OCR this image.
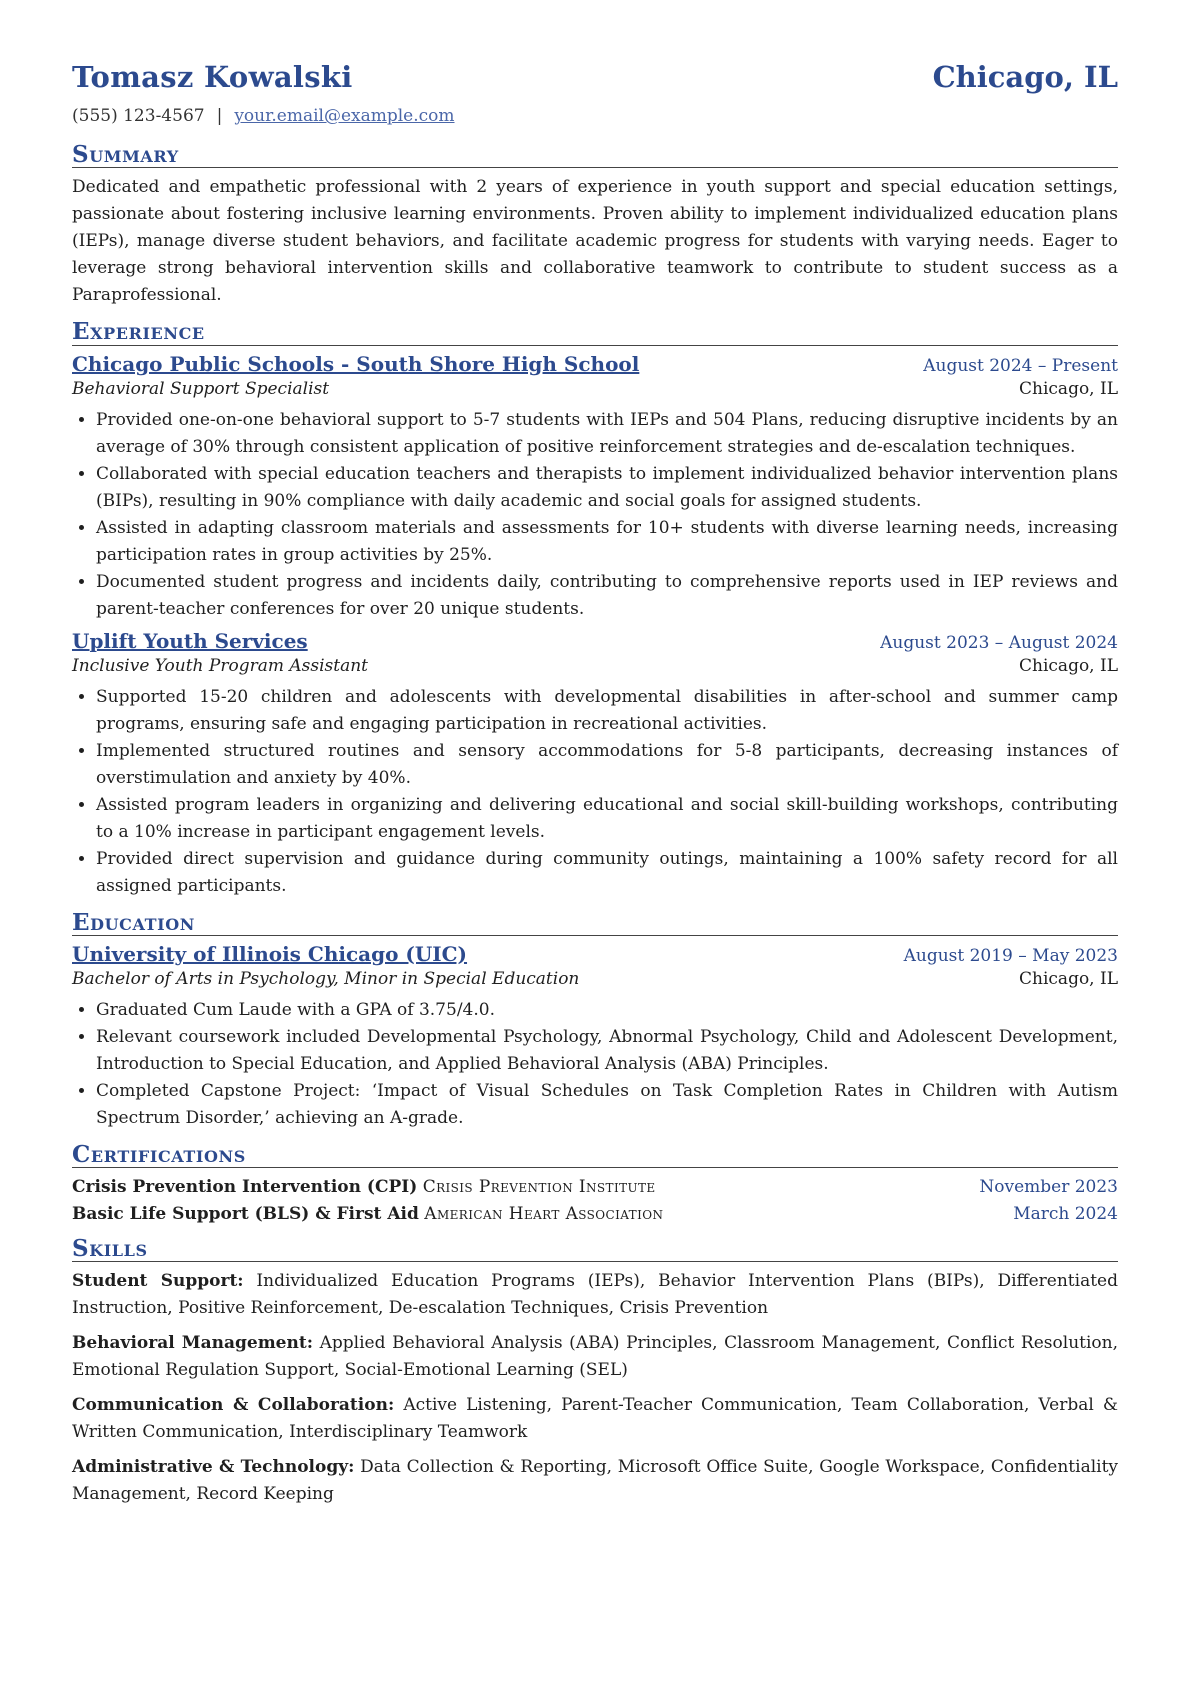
Tomasz Kowalski	Chicago, IL
(555) 123-4567 | your.email@example.com
Summary

Dedicated and empathetic professional with 2 years of experience in youth support and special education settings, passionate about fostering inclusive learning environments. Proven ability to implement individualized education plans (IEPs), manage diverse student behaviors, and facilitate academic progress for students with varying needs. Eager to leverage strong behavioral intervention skills and collaborative teamwork to contribute to student success as a Paraprofessional.

Experience
Chicago Public Schools - South Shore High School	August 2024 – Present
Behavioral Support Specialist	Chicago, IL
• Provided one-on-one behavioral support to 5-7 students with IEPs and 504 Plans, reducing disruptive incidents by an average of 30% through consistent application of positive reinforcement strategies and de-escalation techniques.
• Collaborated with special education teachers and therapists to implement individualized behavior intervention plans (BIPs), resulting in 90% compliance with daily academic and social goals for assigned students.
• Assisted in adapting classroom materials and assessments for 10+ students with diverse learning needs, increasing participation rates in group activities by 25%.
• Documented student progress and incidents daily, contributing to comprehensive reports used in IEP reviews and parent-teacher conferences for over 20 unique students.
Uplift Youth Services	August 2023 – August 2024
Inclusive Youth Program Assistant	Chicago, IL
• Supported 15-20 children and adolescents with developmental disabilities in after-school and summer camp programs, ensuring safe and engaging participation in recreational activities.
• Implemented structured routines and sensory accommodations for 5-8 participants, decreasing instances of overstimulation and anxiety by 40%.
• Assisted program leaders in organizing and delivering educational and social skill-building workshops, contributing to a 10% increase in participant engagement levels.
• Provided direct supervision and guidance during community outings, maintaining a 100% safety record for all assigned participants.
Education
University of Illinois Chicago (UIC)	August 2019 – May 2023
Bachelor of Arts in Psychology, Minor in Special Education	Chicago, IL
• Graduated Cum Laude with a GPA of 3.75/4.0.
• Relevant coursework included Developmental Psychology, Abnormal Psychology, Child and Adolescent Development, Introduction to Special Education, and Applied Behavioral Analysis (ABA) Principles.
• Completed Capstone Project: ‘Impact of Visual Schedules on Task Completion Rates in Children with Autism Spectrum Disorder,’ achieving an A-grade.
Certifications
Crisis Prevention Intervention (CPI) Crisis Prevention Institute	November 2023
Basic Life Support (BLS) & First Aid American Heart Association	March 2024
Skills
Student Support: Individualized Education Programs (IEPs), Behavior Intervention Plans (BIPs), Differentiated Instruction, Positive Reinforcement, De-escalation Techniques, Crisis Prevention
Behavioral Management: Applied Behavioral Analysis (ABA) Principles, Classroom Management, Conflict Resolution, Emotional Regulation Support, Social-Emotional Learning (SEL)
Communication & Collaboration: Active Listening, Parent-Teacher Communication, Team Collaboration, Verbal & Written Communication, Interdisciplinary Teamwork
Administrative & Technology: Data Collection & Reporting, Microsoft Office Suite, Google Workspace, Confidentiality Management, Record Keeping
